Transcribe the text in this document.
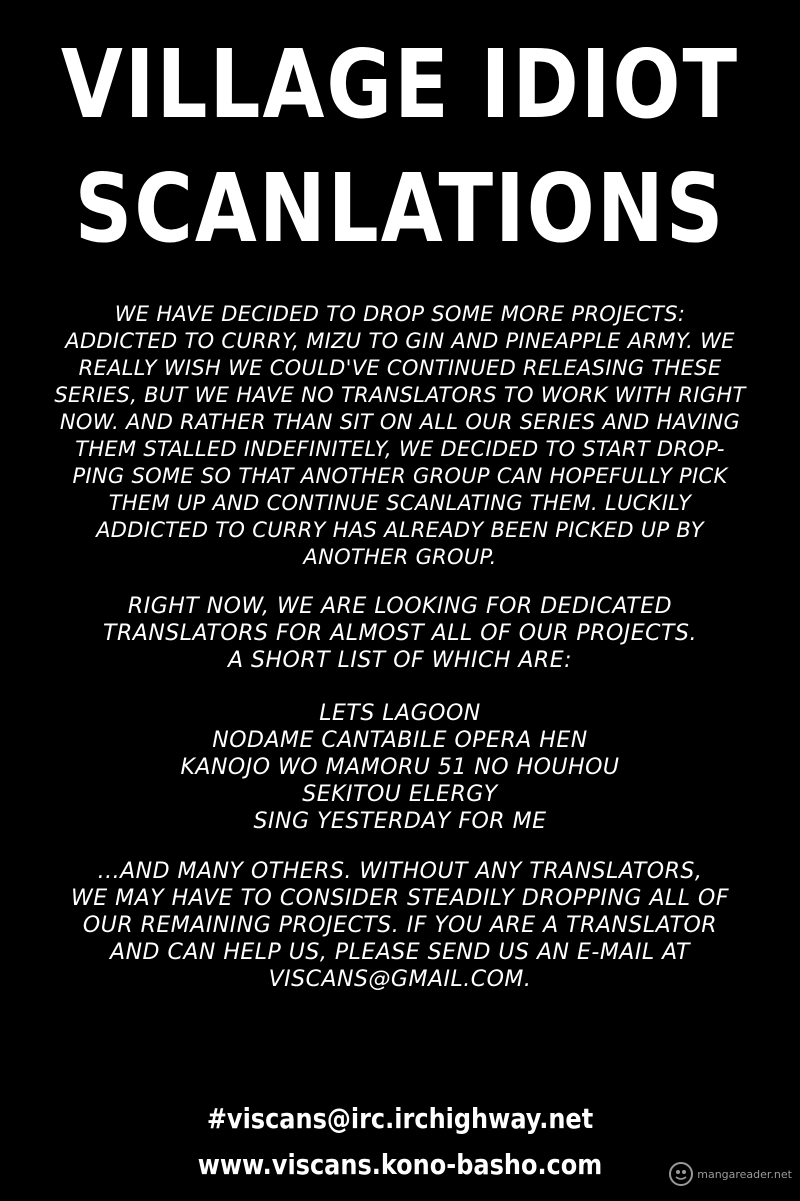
VILLAGE IDIOT
SCANLATIONS
WE HAVE DECIDED TO DROP SOME MORE PROJECTS:
ADDICTED TO CURRY, MIZU TO GIN AND PINEAPPLE ARMY. WE
REALLY WISH WE COULD'VE CONTINUED RELEASING THESE
SERIES, BUT WE HAVE NO TRANSLATORS TO WORK WITH RIGHT
NOW. AND RATHER THAN SIT ON ALL OUR SERIES AND HAVING
THEM STALLED INDEFINITELY, WE DECIDED TO START DROP-
PING SOME SO THAT ANOTHER GROUP CAN HOPEFULLY PICK
THEM UP AND CONTINUE SCANLATING THEM. LUCKILY
ADDICTED TO CURRY HAS ALREADY BEEN PICKED UP BY
ANOTHER GROUP.
RIGHT NOW, WE ARE LOOKING FOR DEDICATED
TRANSLATORS FOR ALMOST ALL OF OUR PROJECTS.
A SHORT LIST OF WHICH ARE:
LETS LAGOON
NODAME CANTABILE OPERA HEN
KANOJO WO MAMORU 51 NO HOUHOU
SEKITOU ELERGY
SING YESTERDAY FOR ME
...AND MANY OTHERS. WITHOUT ANY TRANSLATORS,
WE MAY HAVE TO CONSIDER STEADILY DROPPING ALL OF
OUR REMAINING PROJECTS. IF YOU ARE A TRANSLATOR
AND CAN HELP US, PLEASE SEND US AN E-MAIL AT
VISCANS@GMAIL.COM.
#viscans@irc.irchighway.net
www.viscans.kono-basho.com	mangareader.net
